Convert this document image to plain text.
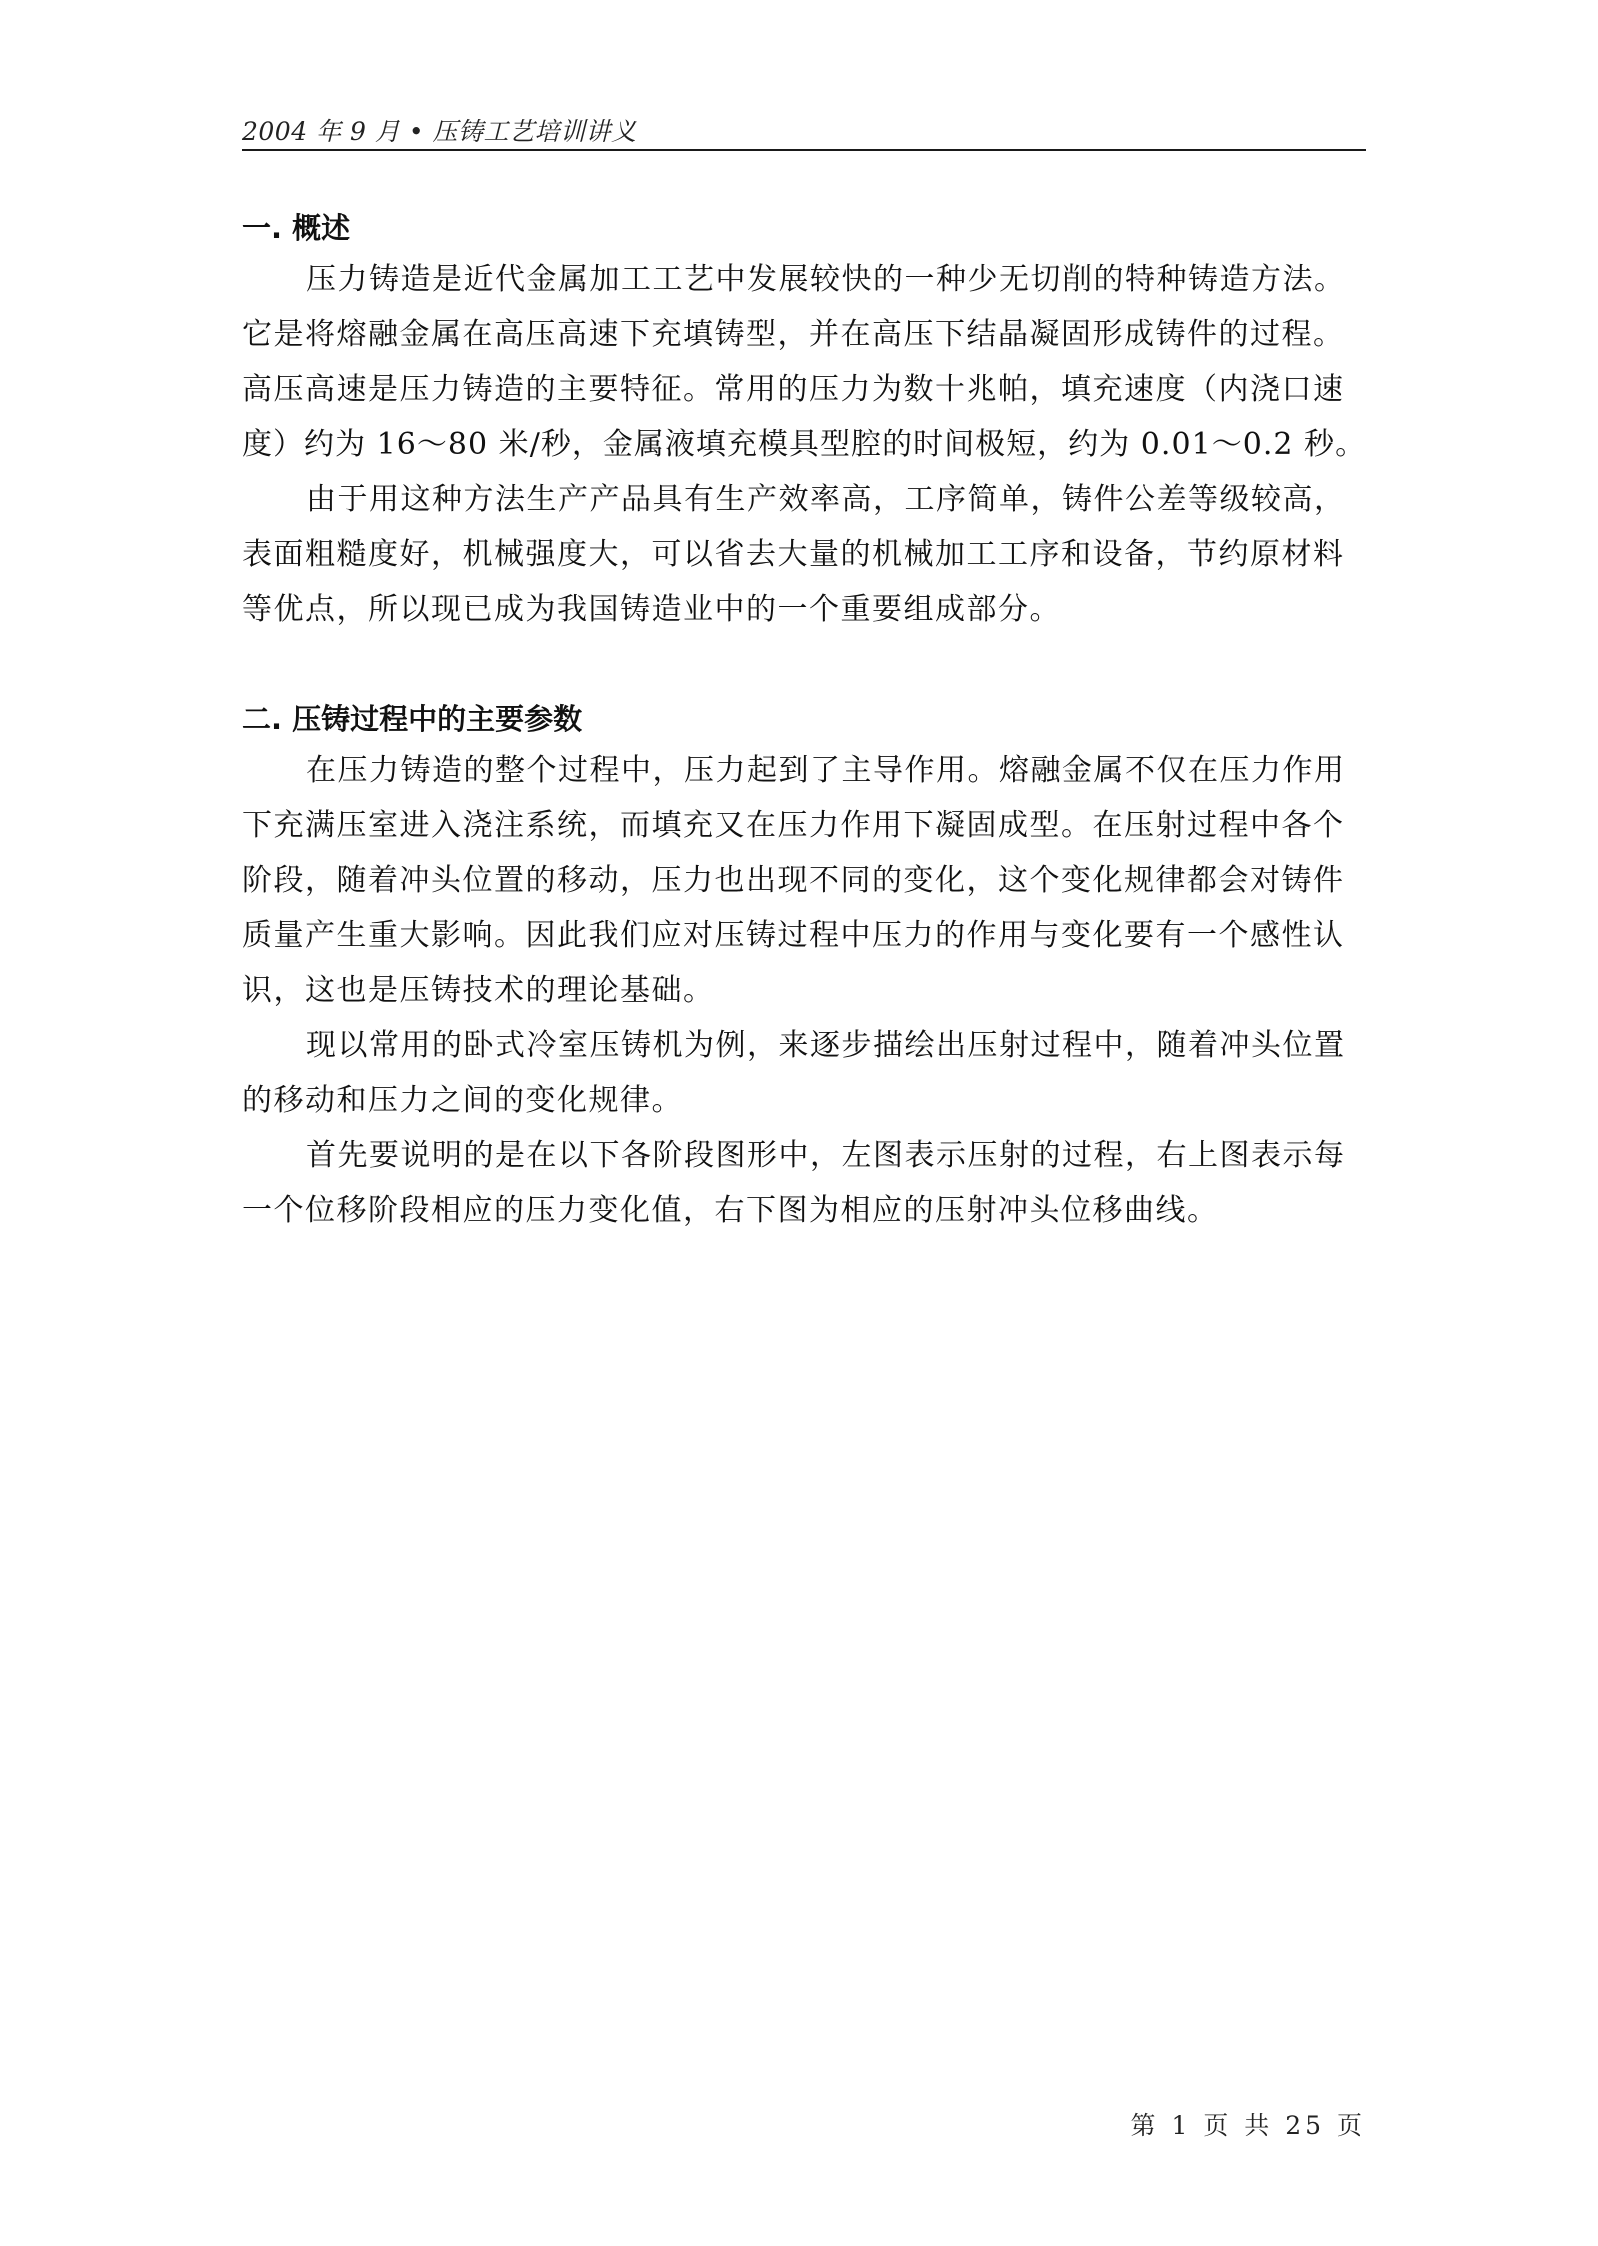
2004 年 9 月 • 压铸工艺培训讲义
一. 概述

压力铸造是近代金属加工工艺中发展较快的一种少无切削的特种铸造方法。
它是将熔融金属在高压高速下充填铸型，并在高压下结晶凝固形成铸件的过程。
高压高速是压力铸造的主要特征。常用的压力为数十兆帕，填充速度（内浇口速
度）约为 16～80 米/秒，金属液填充模具型腔的时间极短，约为 0.01～0.2 秒。

由于用这种方法生产产品具有生产效率高，工序简单，铸件公差等级较高，
表面粗糙度好，机械强度大，可以省去大量的机械加工工序和设备，节约原材料
等优点，所以现已成为我国铸造业中的一个重要组成部分。

二. 压铸过程中的主要参数

在压力铸造的整个过程中，压力起到了主导作用。熔融金属不仅在压力作用
下充满压室进入浇注系统，而填充又在压力作用下凝固成型。在压射过程中各个
阶段，随着冲头位置的移动，压力也出现不同的变化，这个变化规律都会对铸件
质量产生重大影响。因此我们应对压铸过程中压力的作用与变化要有一个感性认
识，这也是压铸技术的理论基础。

现以常用的卧式冷室压铸机为例，来逐步描绘出压射过程中，随着冲头位置
的移动和压力之间的变化规律。

首先要说明的是在以下各阶段图形中，左图表示压射的过程，右上图表示每
一个位移阶段相应的压力变化值，右下图为相应的压射冲头位移曲线。

第 1 页 共 25 页
